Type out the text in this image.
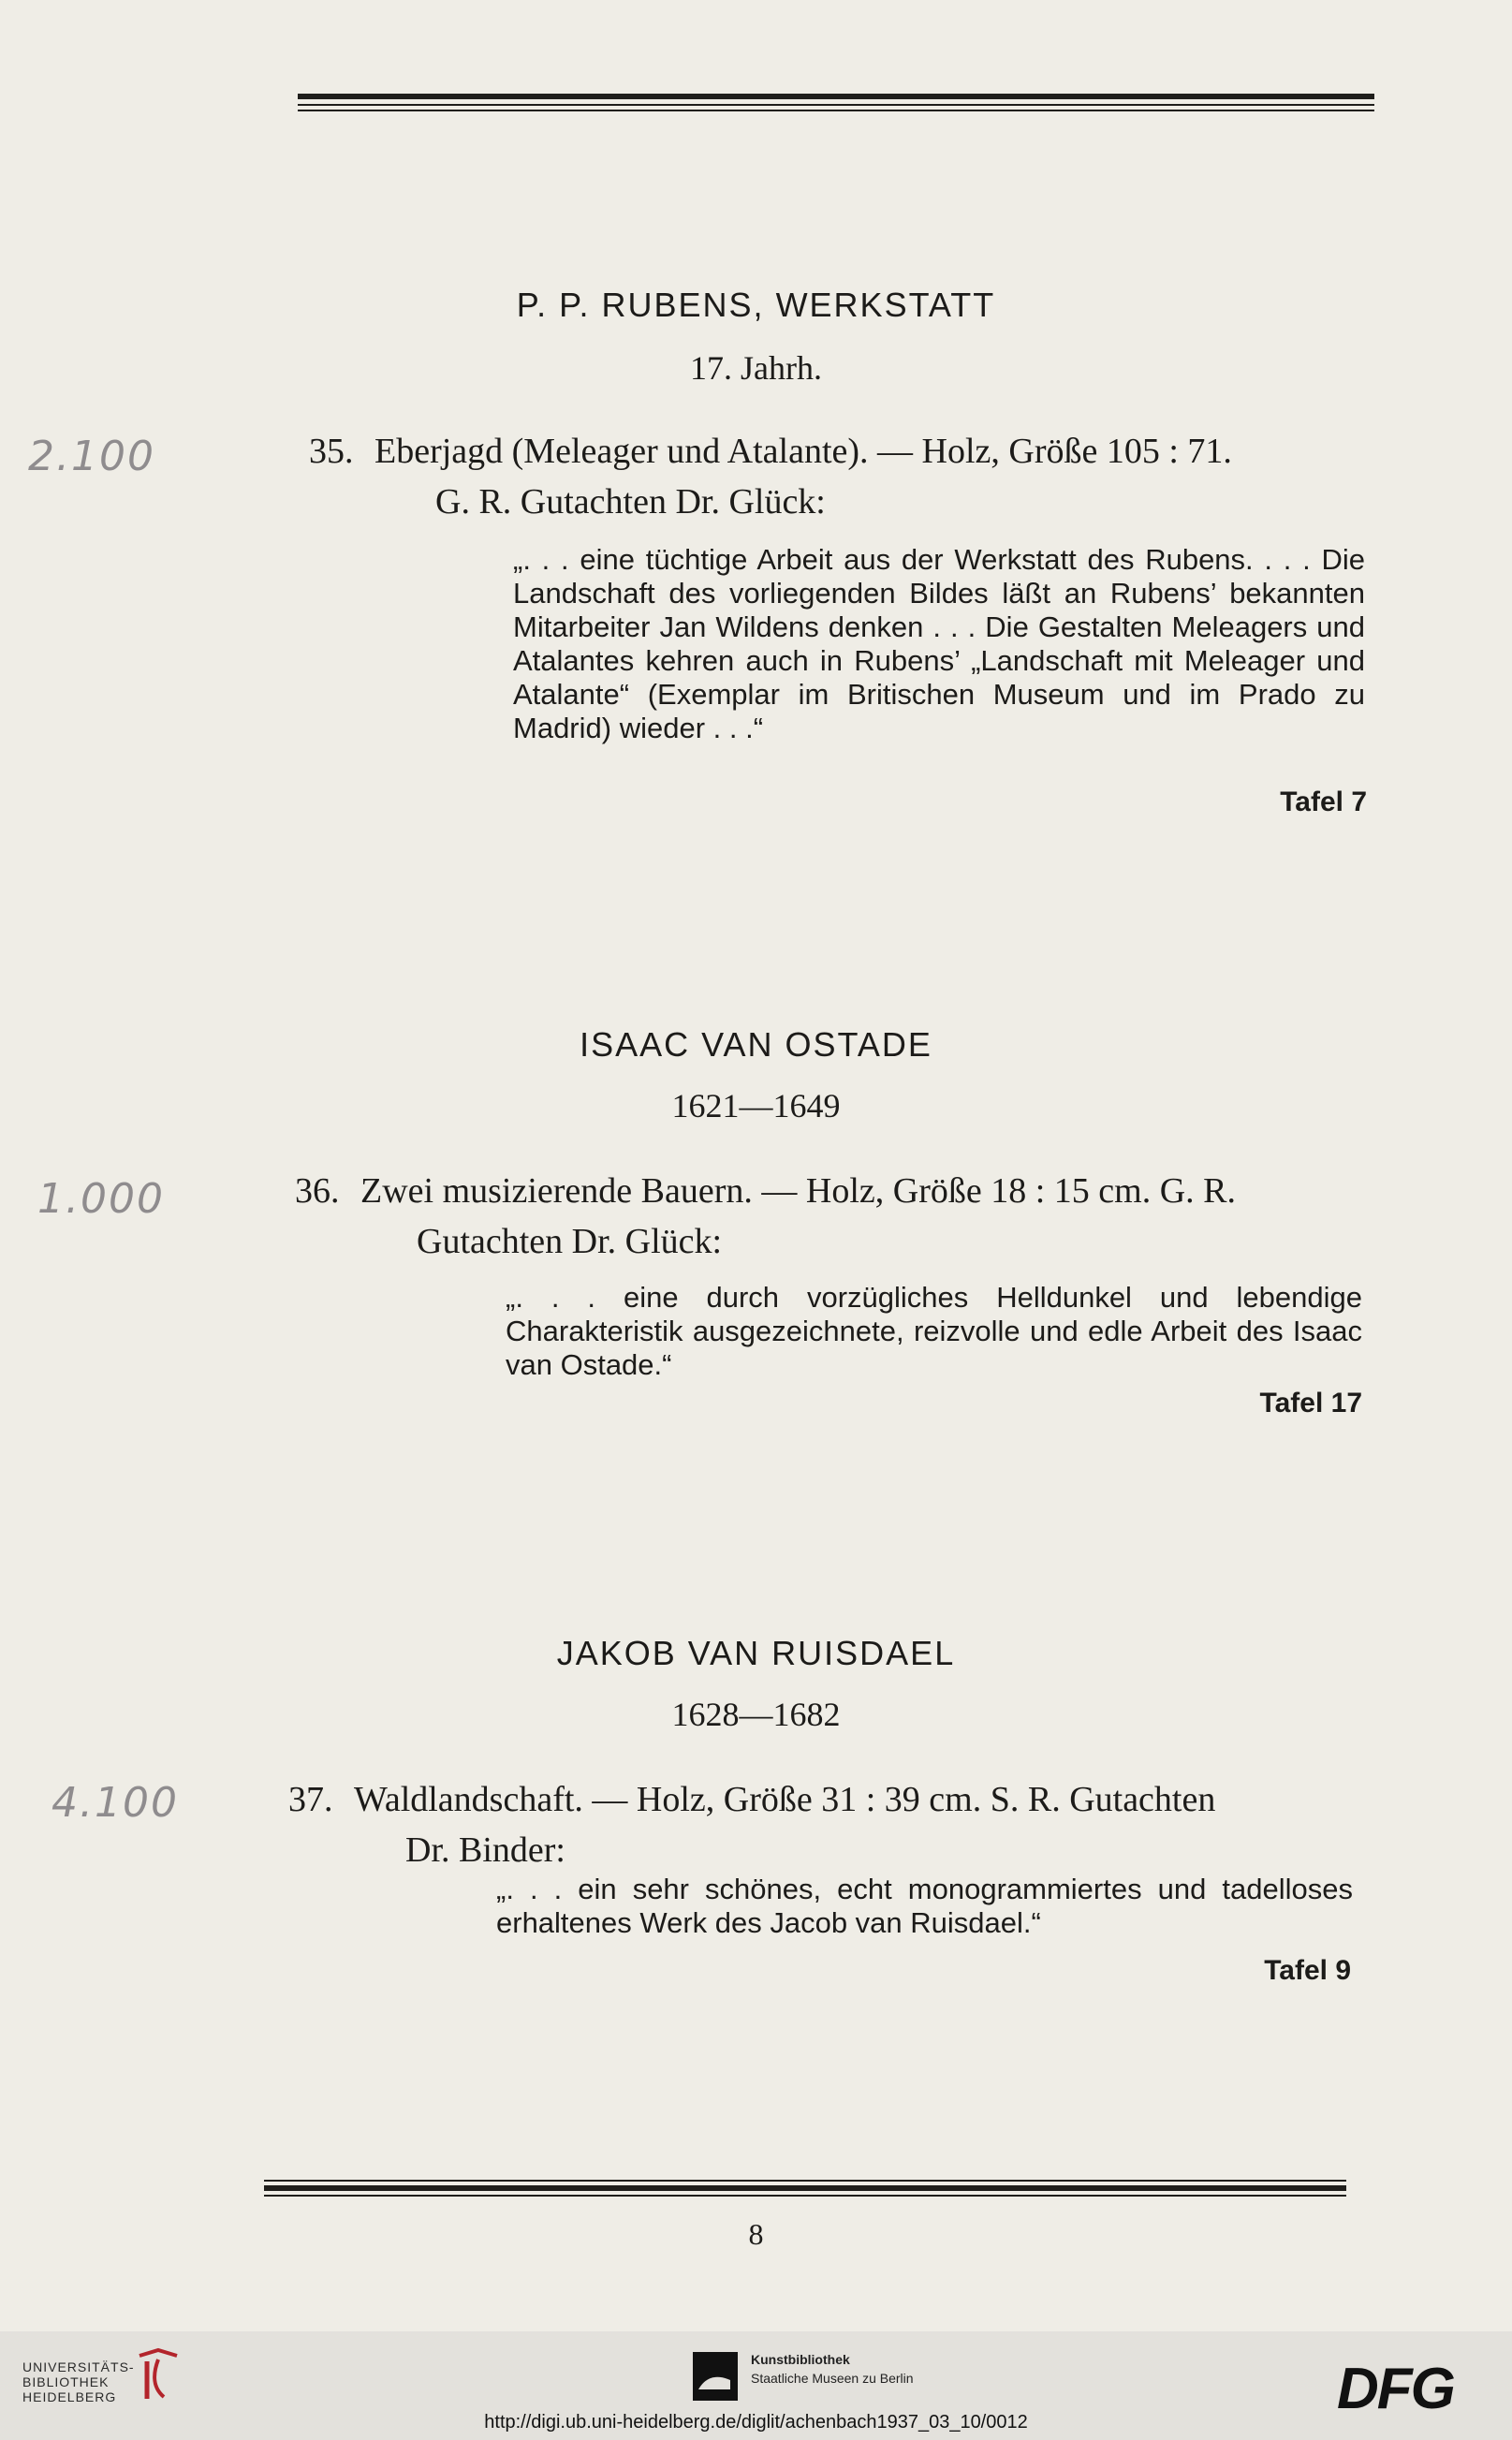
P. P. RUBENS, WERKSTATT
17. Jahrh.
2.100	35. Eberjagd (Meleager und Atalante). — Holz, Größe 105 : 71.
G. R. Gutachten Dr. Glück:
„. . . eine tüchtige Arbeit aus der Werkstatt des Rubens. . . . Die Landschaft des vorliegenden Bildes läßt an Rubens’ bekannten Mitarbeiter Jan Wildens denken . . . Die Gestalten Meleagers und Atalantes kehren auch in Rubens’ „Landschaft mit Meleager und Atalante“ (Exemplar im Britischen Museum und im Prado zu Madrid) wieder . . .“
Tafel 7
ISAAC VAN OSTADE
1621—1649
1.000	36. Zwei musizierende Bauern. — Holz, Größe 18 : 15 cm. G. R.
Gutachten Dr. Glück:
„. . . eine durch vorzügliches Helldunkel und lebendige Charakteristik ausgezeichnete, reizvolle und edle Arbeit des Isaac van Ostade.“
Tafel 17
JAKOB VAN RUISDAEL
1628—1682
4.100	37. Waldlandschaft. — Holz, Größe 31 : 39 cm. S. R. Gutachten
Dr. Binder:
„. . . ein sehr schönes, echt monogrammiertes und tadelloses erhaltenes Werk des Jacob van Ruisdael.“
Tafel 9
8
UNIVERSITÄTS-
BIBLIOTHEK
HEIDELBERG
Kunstbibliothek
Staatliche Museen zu Berlin	DFG
http://digi.ub.uni-heidelberg.de/diglit/achenbach1937_03_10/0012
